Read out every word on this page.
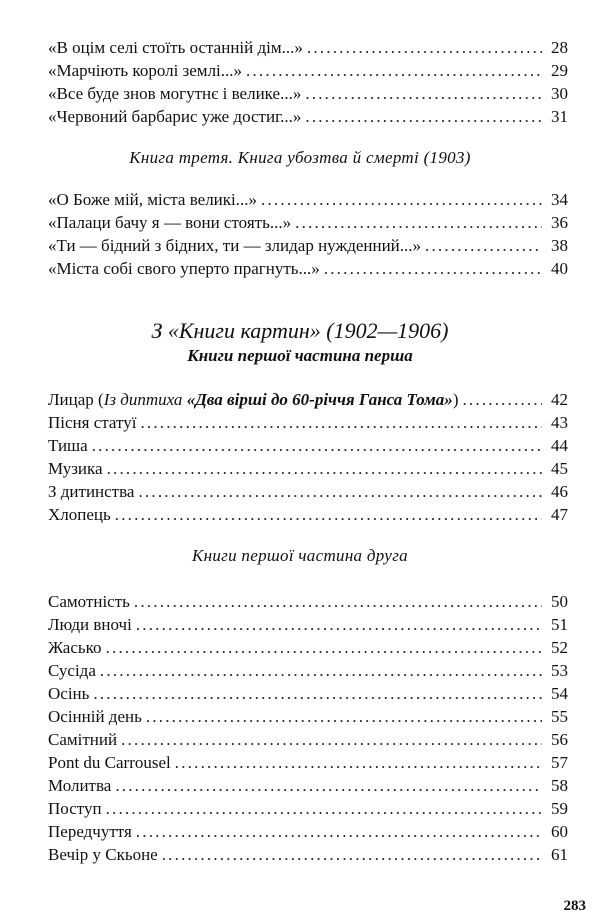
«В оцім селі стоїть останній дім...» .....	28
«Марчіють королі землі...» .....	29
«Все буде знов могутнє і велике...» .....	30
«Червоний барбарис уже достиг...» .....	31
Книга третя. Книга убозтва й смерті (1903)
«О Боже мій, міста великі...» .....	34
«Палаци бачу я — вони стоять...» .....	36
«Ти — бідний з бідних, ти — злидар нужденний...» .....	38
«Міста собі свого уперто прагнуть...» .....	40
З «Книги картин» (1902—1906)
Книги першої частина перша
Лицар (Із диптиха «Два вірші до 60-річчя Ганса Тома») .....	42
Пісня статуї .....	43
Тиша .....	44
Музика .....	45
З дитинства .....	46
Хлопець .....	47
Книги першої частина друга
Самотність .....	50
Люди вночі .....	51
Жасько .....	52
Сусіда .....	53
Осінь .....	54
Осінній день .....	55
Самітний .....	56
Pont du Carrousel .....	57
Молитва .....	58
Поступ .....	59
Передчуття .....	60
Вечір у Скьоне .....	61
283
